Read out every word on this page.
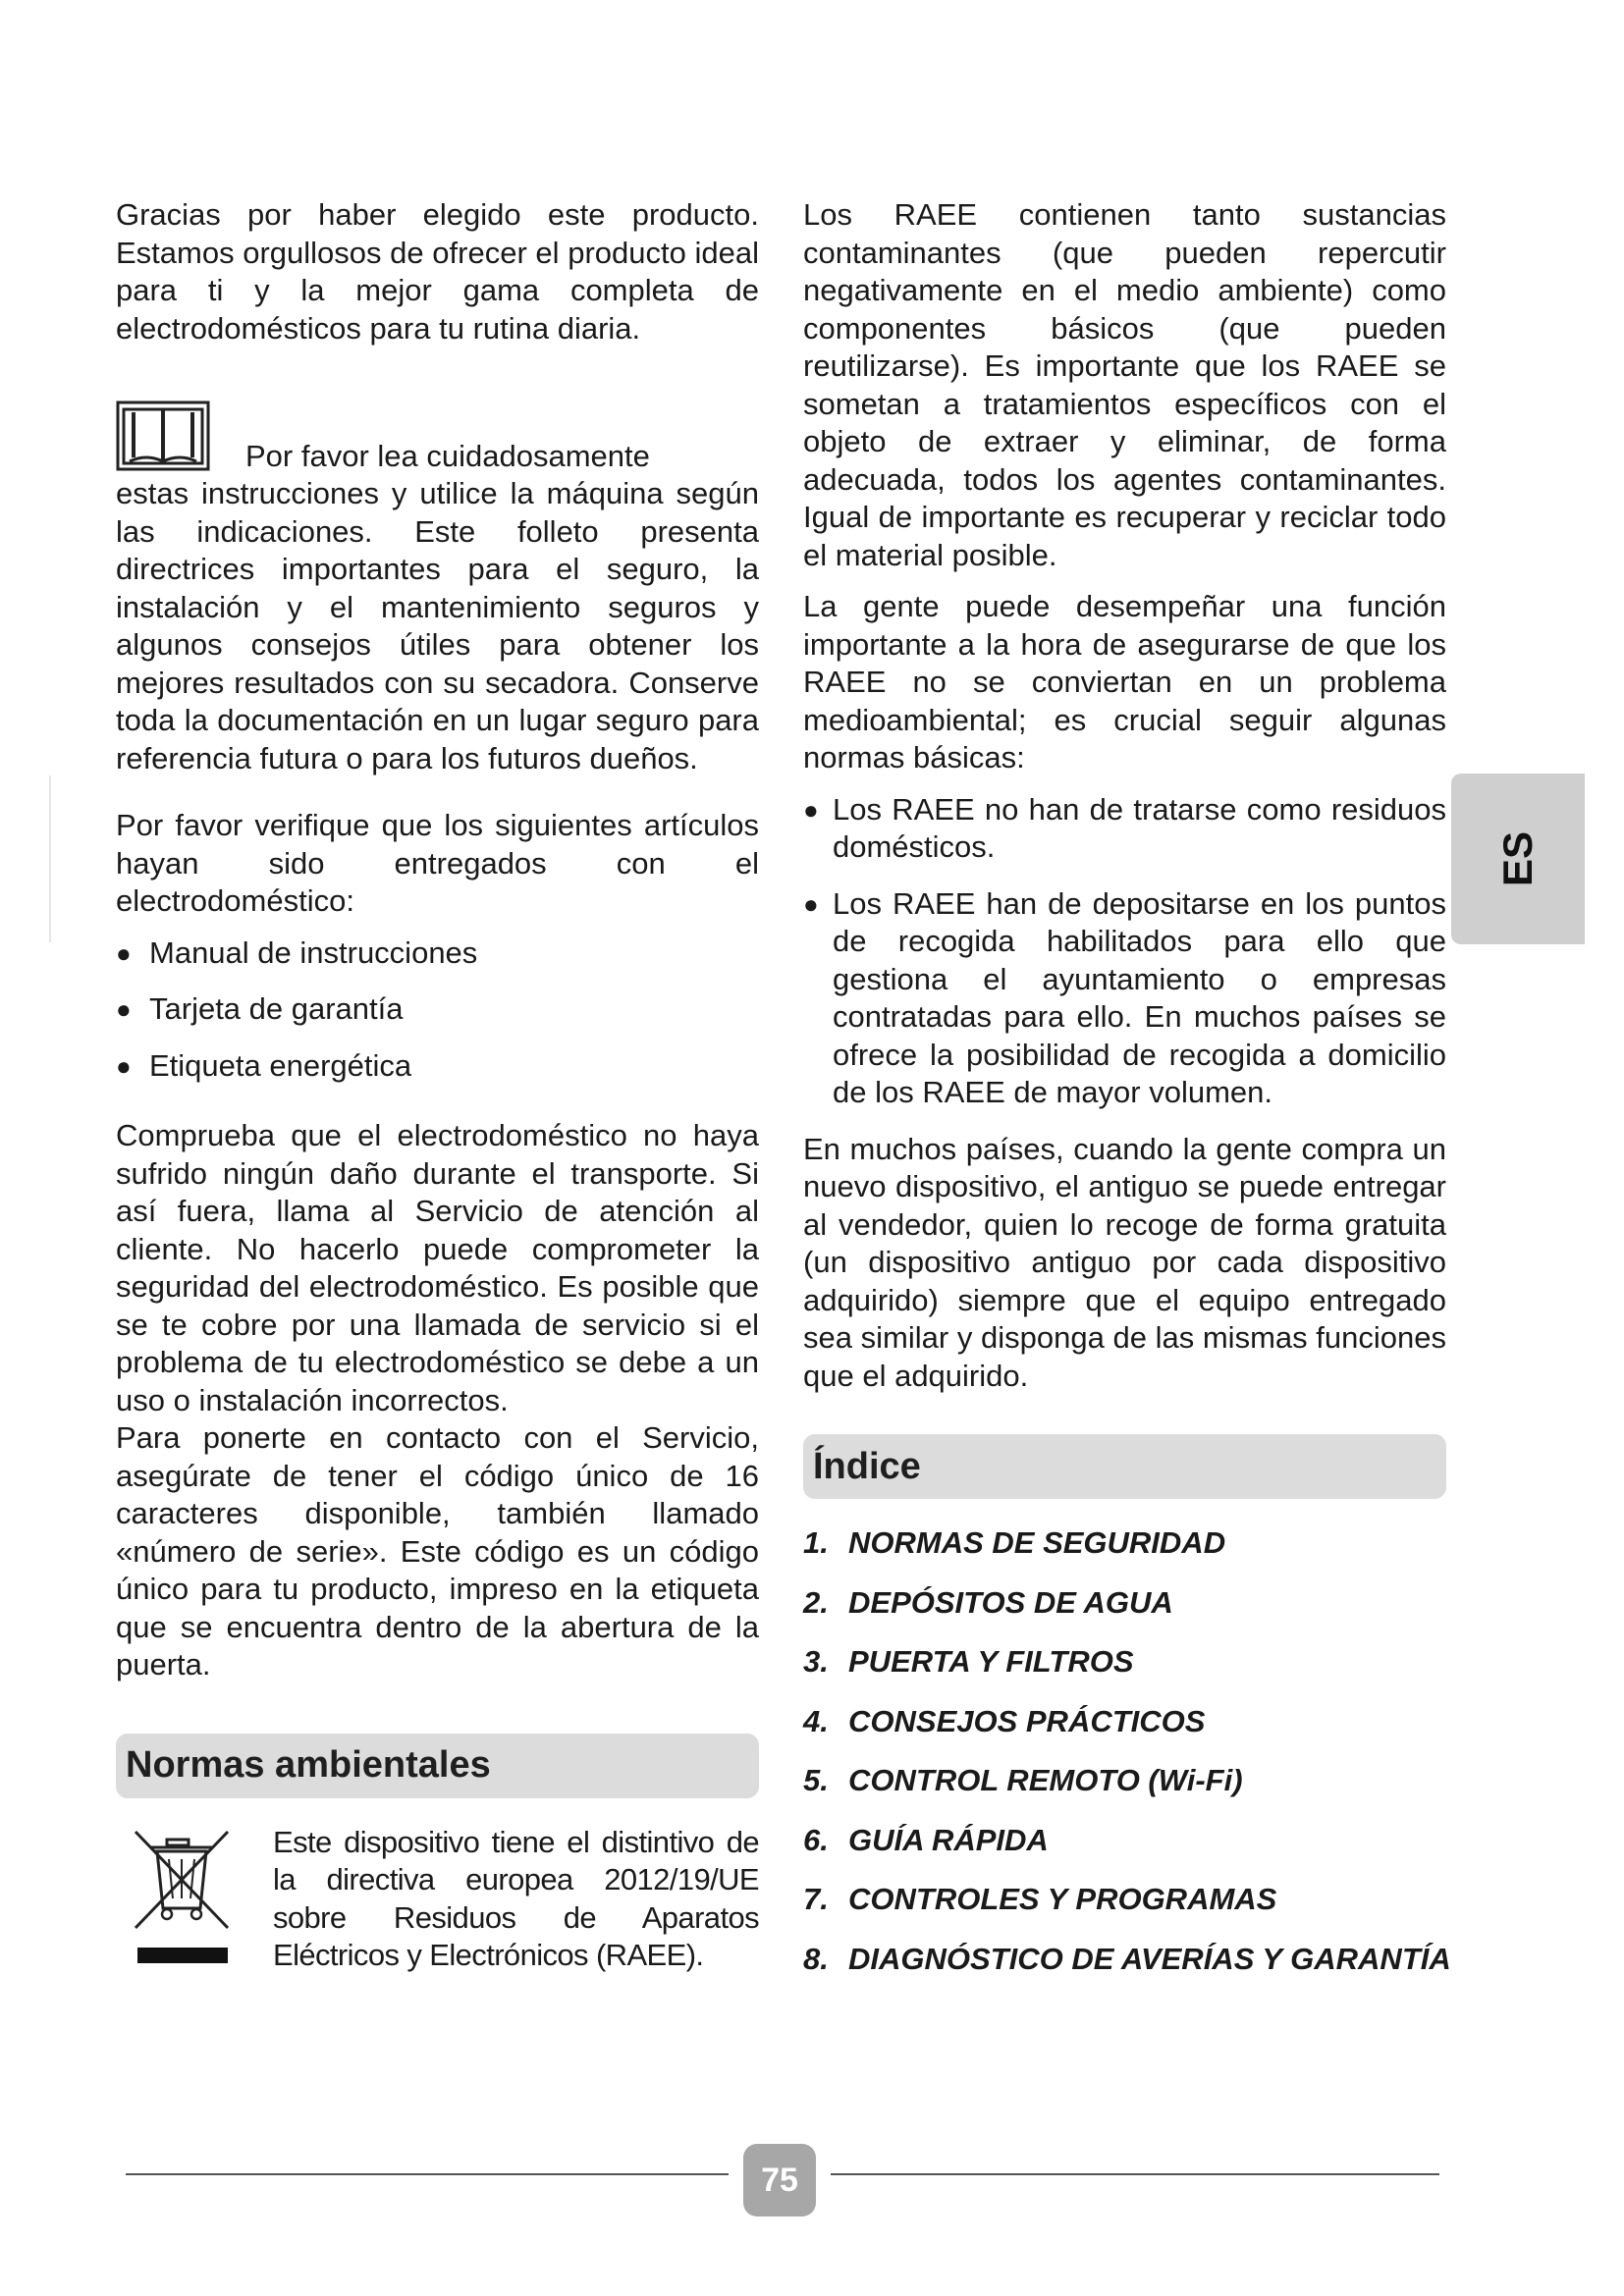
Gracias por haber elegido este producto. Estamos orgullosos de ofrecer el producto ideal para ti y la mejor gama completa de electrodomésticos para tu rutina diaria.

Por favor lea cuidadosamente

estas instrucciones y utilice la máquina según las indicaciones. Este folleto presenta directrices importantes para el seguro, la instalación y el mantenimiento seguros y algunos consejos útiles para obtener los mejores resultados con su secadora. Conserve toda la documentación en un lugar seguro para referencia futura o para los futuros dueños.

Por favor verifique que los siguientes artículos hayan sido entregados con el electrodoméstico:

● Manual de instrucciones
● Tarjeta de garantía
● Etiqueta energética

Comprueba que el electrodoméstico no haya sufrido ningún daño durante el transporte. Si así fuera, llama al Servicio de atención al cliente. No hacerlo puede comprometer la seguridad del electrodoméstico. Es posible que se te cobre por una llamada de servicio si el problema de tu electrodoméstico se debe a un uso o instalación incorrectos.

Para ponerte en contacto con el Servicio, asegúrate de tener el código único de 16 caracteres disponible, también llamado «número de serie». Este código es un código único para tu producto, impreso en la etiqueta que se encuentra dentro de la abertura de la puerta.

Normas ambientales

Este dispositivo tiene el distintivo de la directiva europea 2012/19/UE sobre Residuos de Aparatos Eléctricos y Electrónicos (RAEE).

Los RAEE contienen tanto sustancias contaminantes (que pueden repercutir negativamente en el medio ambiente) como componentes básicos (que pueden reutilizarse). Es importante que los RAEE se sometan a tratamientos específicos con el objeto de extraer y eliminar, de forma adecuada, todos los agentes contaminantes. Igual de importante es recuperar y reciclar todo el material posible.

La gente puede desempeñar una función importante a la hora de asegurarse de que los RAEE no se conviertan en un problema medioambiental; es crucial seguir algunas normas básicas:

● Los RAEE no han de tratarse como residuos domésticos.
● Los RAEE han de depositarse en los puntos de recogida habilitados para ello que gestiona el ayuntamiento o empresas contratadas para ello. En muchos países se ofrece la posibilidad de recogida a domicilio de los RAEE de mayor volumen.

En muchos países, cuando la gente compra un nuevo dispositivo, el antiguo se puede entregar al vendedor, quien lo recoge de forma gratuita (un dispositivo antiguo por cada dispositivo adquirido) siempre que el equipo entregado sea similar y disponga de las mismas funciones que el adquirido.

Índice
1. NORMAS DE SEGURIDAD
2. DEPÓSITOS DE AGUA
3. PUERTA Y FILTROS
4. CONSEJOS PRÁCTICOS
5. CONTROL REMOTO (Wi-Fi)
6. GUÍA RÁPIDA
7. CONTROLES Y PROGRAMAS
8. DIAGNÓSTICO DE AVERÍAS Y GARANTÍA
ES
75
